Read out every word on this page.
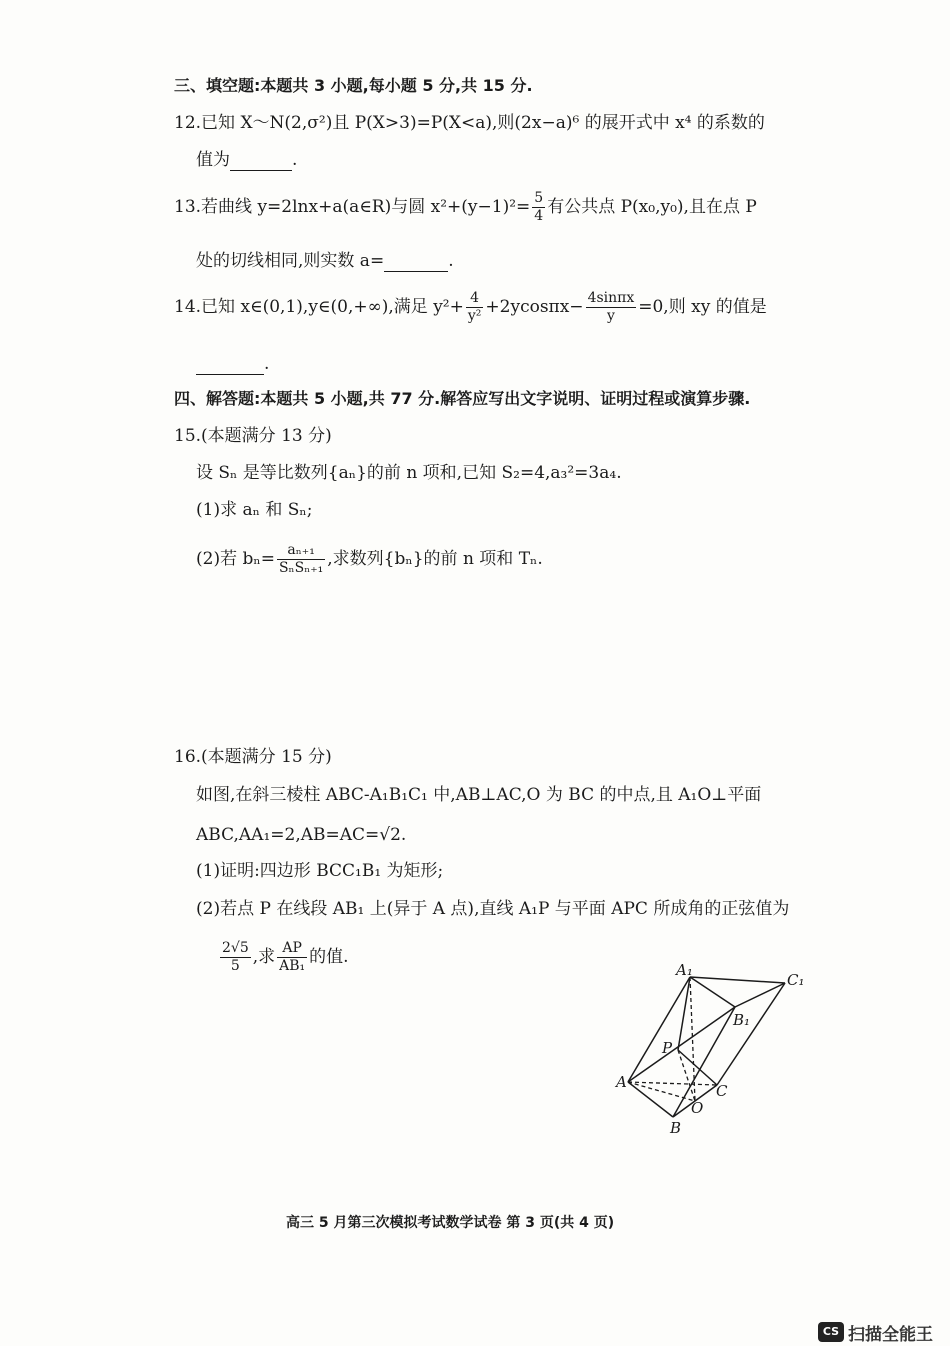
三、填空题:本题共 3 小题,每小题 5 分,共 15 分.
12.已知 X～N(2,σ²)且 P(X>3)=P(X<a),则(2x−a)⁶ 的展开式中 x⁴ 的系数的
值为	.
13.若曲线 y=2lnx+a(a∈R)与圆 $x^2+(y-1)^2= \frac{5}{4}$ 有公共点 P(x₀,y₀),且在点 P
处的切线相同,则实数 a=	.
14.已知 x∈(0,1),y∈(0,+∞),满足 $y^2+ \frac{4}{\text{y²}} +2ycos\pi x- \frac{4\sin\pi x}{y} =0$,则 xy 的值是
.
四、解答题:本题共 5 小题,共 77 分.解答应写出文字说明、证明过程或演算步骤.
15.(本题满分 13 分)
设 Sₙ 是等比数列{aₙ}的前 n 项和,已知 S₂=4,a₃²=3a₄.
(1)求 aₙ 和 Sₙ;
(2)若 $b_n= \frac{\text{aₙ₊₁}}{\text{SₙSₙ₊₁}}$ ,求数列{bₙ}的前 n 项和 Tₙ.
16.(本题满分 15 分)
如图,在斜三棱柱 ABC-A₁B₁C₁ 中,AB⊥AC,O 为 BC 的中点,且 A₁O⊥平面
ABC,AA₁=2,AB=AC=√2.
(1)证明:四边形 BCC₁B₁ 为矩形;
(2)若点 P 在线段 AB₁ 上(异于 A 点),直线 A₁P 与平面 APC 所成角的正弦值为
$\frac{2√5}{5}$ ,求 $\frac{AP}{\text{AB₁}}$ 的值.
A₁
C₁
B₁
P
A	C
O
B
高三 5 月第三次模拟考试数学试卷 第 3 页(共 4 页)
CS 扫描全能王
